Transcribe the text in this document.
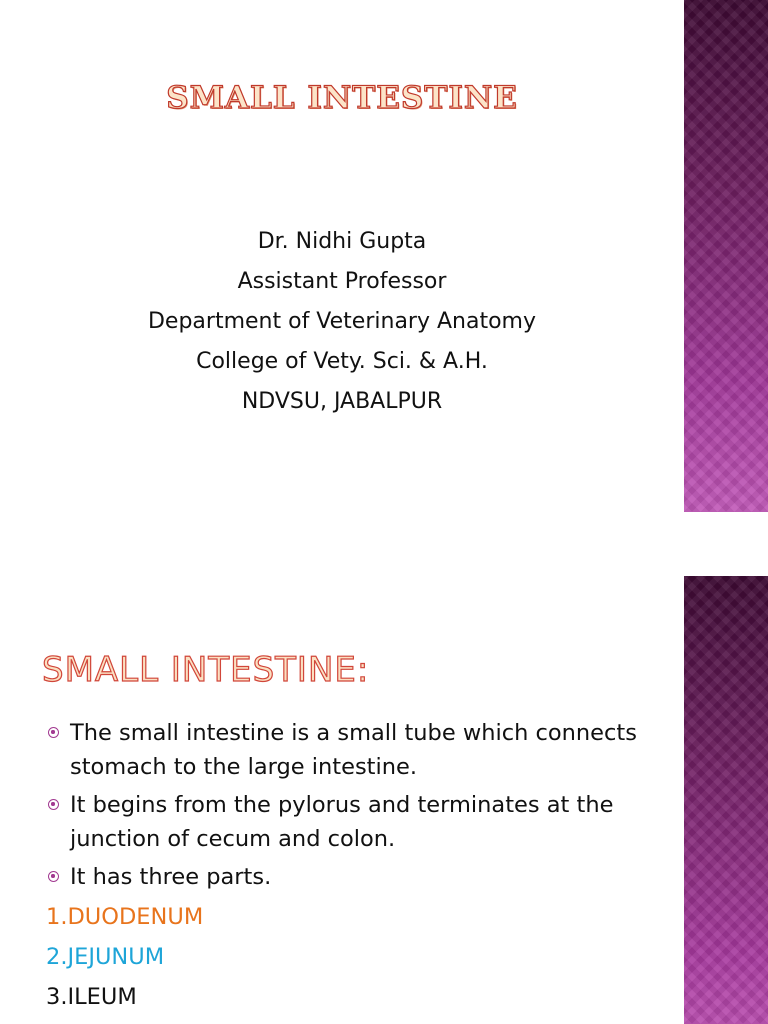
SMALL INTESTINE
Dr. Nidhi Gupta
Assistant Professor
Department of Veterinary Anatomy
College of Vety. Sci. & A.H.
NDVSU, JABALPUR
SMALL INTESTINE:
The small intestine is a small tube which connects stomach to the large intestine.
It begins from the pylorus and terminates at the junction of cecum and colon.
It has three parts.
1.DUODENUM
2.JEJUNUM
3.ILEUM
